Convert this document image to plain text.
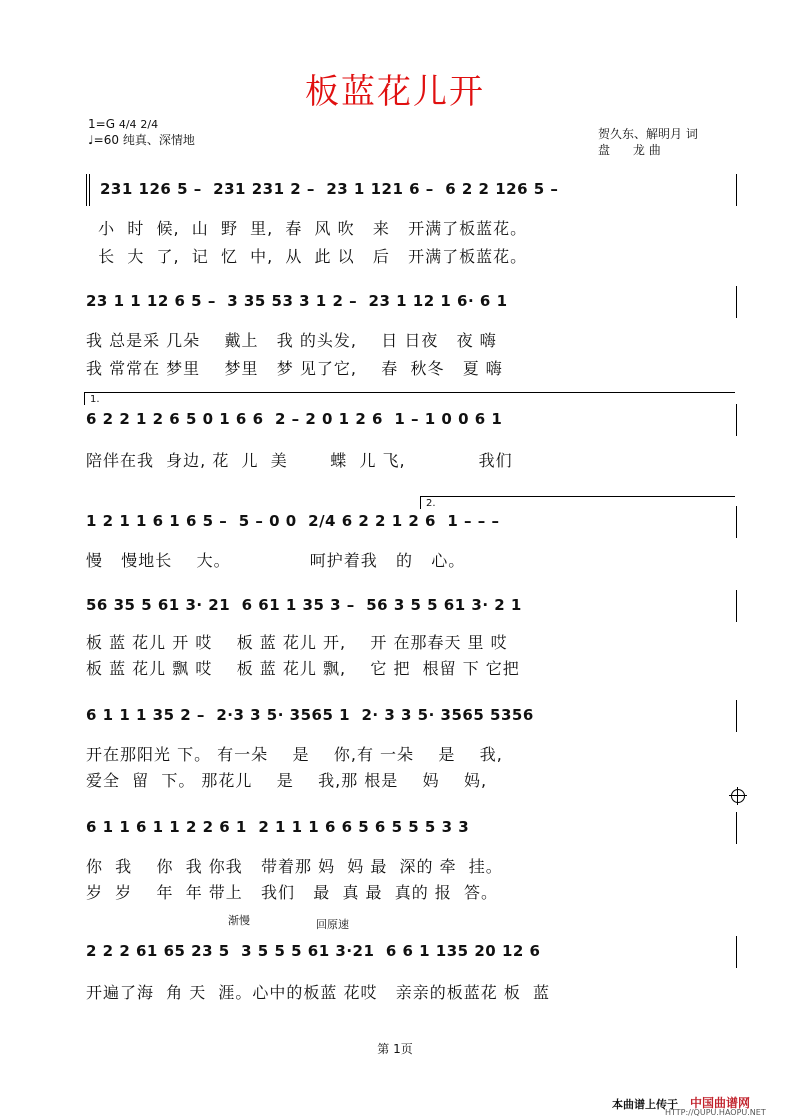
板蓝花儿开
1=G 4/4 2/4
♩=60 纯真、深情地	贺久东、解明月 词
盘      龙 曲
231 126 5 –  231 231 2 –  23 1 121 6 –  6 2 2 126 5 –
小  时  候,  山  野  里,  春  风 吹   来   开满了板蓝花。
长  大  了,  记  忆  中,  从  此 以   后   开满了板蓝花。
23 1 1 12 6 5 –  3 35 53 3 1 2 –  23 1 12 1 6· 6 1
我 总是采 几朵    戴上   我 的头发,    日 日夜   夜 嗨
我 常常在 梦里    梦里   梦 见了它,    春  秋冬   夏 嗨
1.
6 2 2 1 2 6 5 0 1 6 6  2 – 2 0 1 2 6  1 – 1 0 0 6 1
陪伴在我  身边, 花  儿  美       蝶  儿 飞,            我们
2.
1 2 1 1 6 1 6 5 –  5 – 0 0  2/4 6 2 2 1 2 6  1 – – –
慢   慢地长    大。             呵护着我   的   心。
56 35 5 61 3· 21  6 61 1 35 3 –  56 3 5 5 61 3· 2 1
板 蓝 花儿 开 哎    板 蓝 花儿 开,    开 在那春天 里 哎
板 蓝 花儿 飘 哎    板 蓝 花儿 飘,    它 把  根留 下 它把
6 1 1 1 35 2 –  2·3 3 5· 3565 1  2· 3 3 5· 3565 5356
开在那阳光 下。 有一朵    是    你,有 一朵    是    我,
爱全  留  下。 那花儿    是    我,那 根是    妈    妈,
6 1 1 6 1 1 2 2 6 1  2 1 1 1 6 6 5 6 5 5 5 3 3
你  我    你  我 你我   带着那 妈  妈 最  深的 牵  挂。
岁  岁    年  年 带上   我们   最  真 最  真的 报  答。
渐慢	回原速
2 2 2 61 65 23 5  3 5 5 5 61 3·21  6 6 1 135 20 12 6
开遍了海  角 天  涯。心中的板蓝 花哎   亲亲的板蓝花 板  蓝
第 1页
本曲谱上传于 中国曲谱网
HTTP://QUPU.HAOPU.NET
